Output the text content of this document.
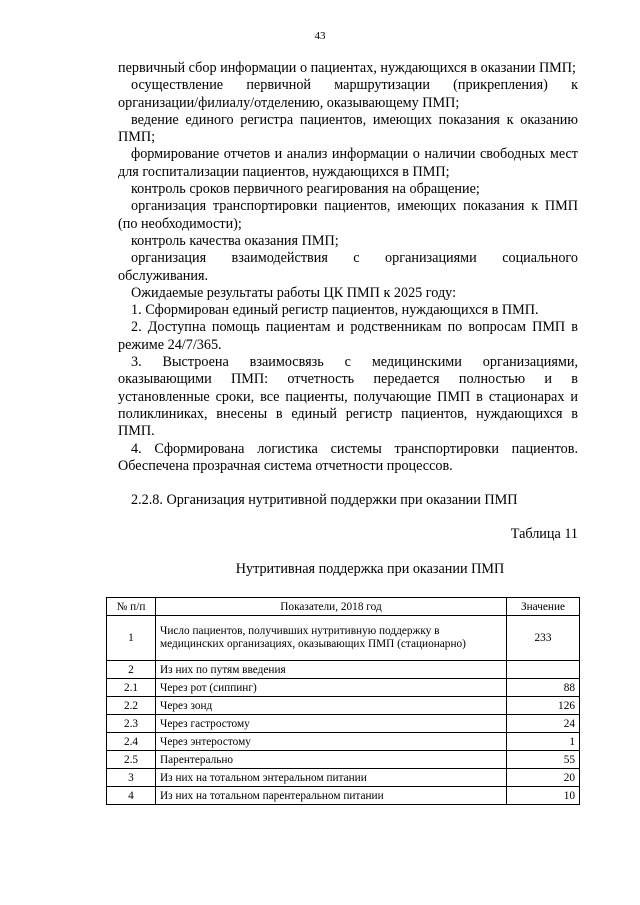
43

первичный сбор информации о пациентах, нуждающихся в оказании ПМП;

осуществление первичной маршрутизации (прикрепления) к организации/филиалу/отделению, оказывающему ПМП;

ведение единого регистра пациентов, имеющих показания к оказанию ПМП;

формирование отчетов и анализ информации о наличии свободных мест для госпитализации пациентов, нуждающихся в ПМП;

контроль сроков первичного реагирования на обращение;

организация транспортировки пациентов, имеющих показания к ПМП (по необходимости);

контроль качества оказания ПМП;

организация взаимодействия с организациями социального обслуживания.

Ожидаемые результаты работы ЦК ПМП к 2025 году:

1. Сформирован единый регистр пациентов, нуждающихся в ПМП.

2. Доступна помощь пациентам и родственникам по вопросам ПМП в режиме 24/7/365.

3. Выстроена взаимосвязь с медицинскими организациями, оказывающими ПМП: отчетность передается полностью и в установленные сроки, все пациенты, получающие ПМП в стационарах и поликлиниках, внесены в единый регистр пациентов, нуждающихся в ПМП.

4. Сформирована логистика системы транспортировки пациентов. Обеспечена прозрачная система отчетности процессов.

2.2.8. Организация нутритивной поддержки при оказании ПМП

Таблица 11
Нутритивная поддержка при оказании ПМП
№ п/п	Показатели, 2018 год	Значение
1	Число пациентов, получивших нутритивную поддержку в медицинских организациях, оказывающих ПМП (стационарно)	233
2	Из них по путям введения	
2.1	Через рот (сиппинг)	88
2.2	Через зонд	126
2.3	Через гастростому	24
2.4	Через энтеростому	1
2.5	Парентерально	55
3	Из них на тотальном энтеральном питании	20
4	Из них на тотальном парентеральном питании	10
